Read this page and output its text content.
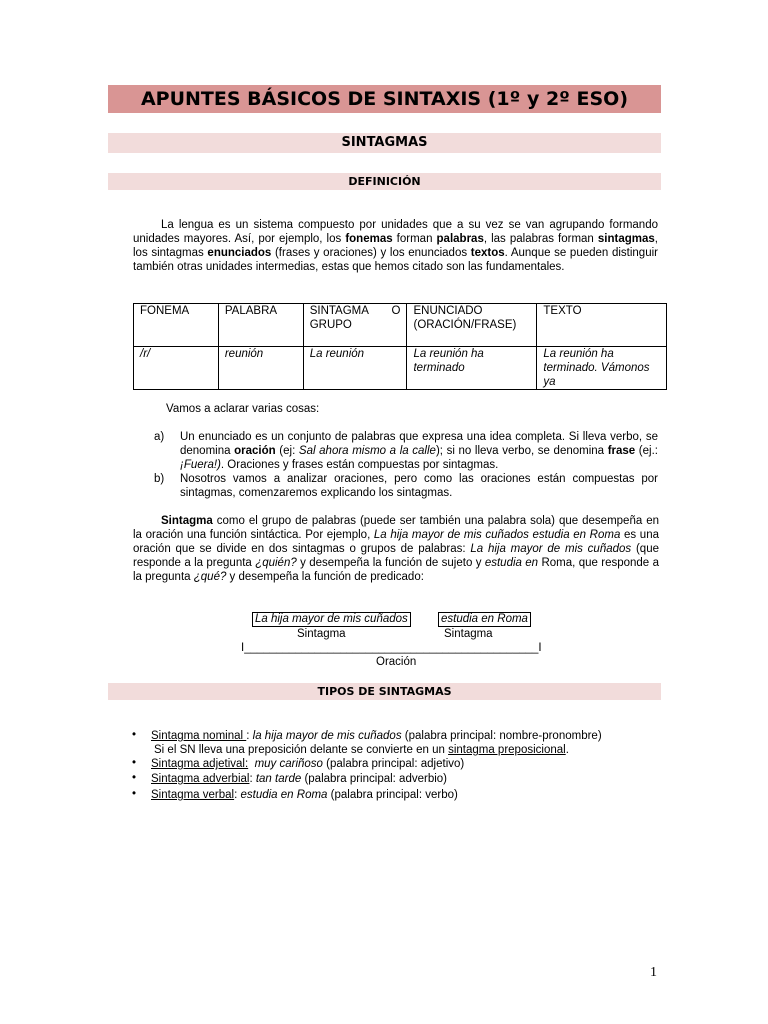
APUNTES BÁSICOS DE SINTAXIS (1º y 2º ESO)
SINTAGMAS
DEFINICIÓN
La lengua es un sistema compuesto por unidades que a su vez se van agrupando formando unidades mayores. Así, por ejemplo, los fonemas forman palabras, las palabras forman sintagmas, los sintagmas enunciados (frases y oraciones) y los enunciados textos. Aunque se pueden distinguir también otras unidades intermedias, estas que hemos citado son las fundamentales.
FONEMA	PALABRA	SINTAGMA O GRUPO	ENUNCIADO (ORACIÓN/FRASE)	TEXTO
/r/	reunión	La reunión	La reunión ha terminado	La reunión ha terminado. Vámonos ya
Vamos a aclarar varias cosas:
a) Un enunciado es un conjunto de palabras que expresa una idea completa. Si lleva verbo, se denomina oración (ej: Sal ahora mismo a la calle); si no lleva verbo, se denomina frase (ej.: ¡Fuera!). Oraciones y frases están compuestas por sintagmas.
b) Nosotros vamos a analizar oraciones, pero como las oraciones están compuestas por sintagmas, comenzaremos explicando los sintagmas.
Sintagma como el grupo de palabras (puede ser también una palabra sola) que desempeña en la oración una función sintáctica. Por ejemplo, La hija mayor de mis cuñados estudia en Roma es una oración que se divide en dos sintagmas o grupos de palabras: La hija mayor de mis cuñados (que responde a la pregunta ¿quién? y desempeña la función de sujeto y estudia en Roma, que responde a la pregunta ¿qué? y desempeña la función de predicado:
La hija mayor de mis cuñados	estudia en Roma
Sintagma	Sintagma
I______________________________________________I
Oración
TIPOS DE SINTAGMAS
• Sintagma nominal : la hija mayor de mis cuñados (palabra principal: nombre-pronombre)
Si el SN lleva una preposición delante se convierte en un sintagma preposicional.
• Sintagma adjetival: muy cariñoso (palabra principal: adjetivo)
• Sintagma adverbial: tan tarde (palabra principal: adverbio)
• Sintagma verbal: estudia en Roma (palabra principal: verbo)
1
